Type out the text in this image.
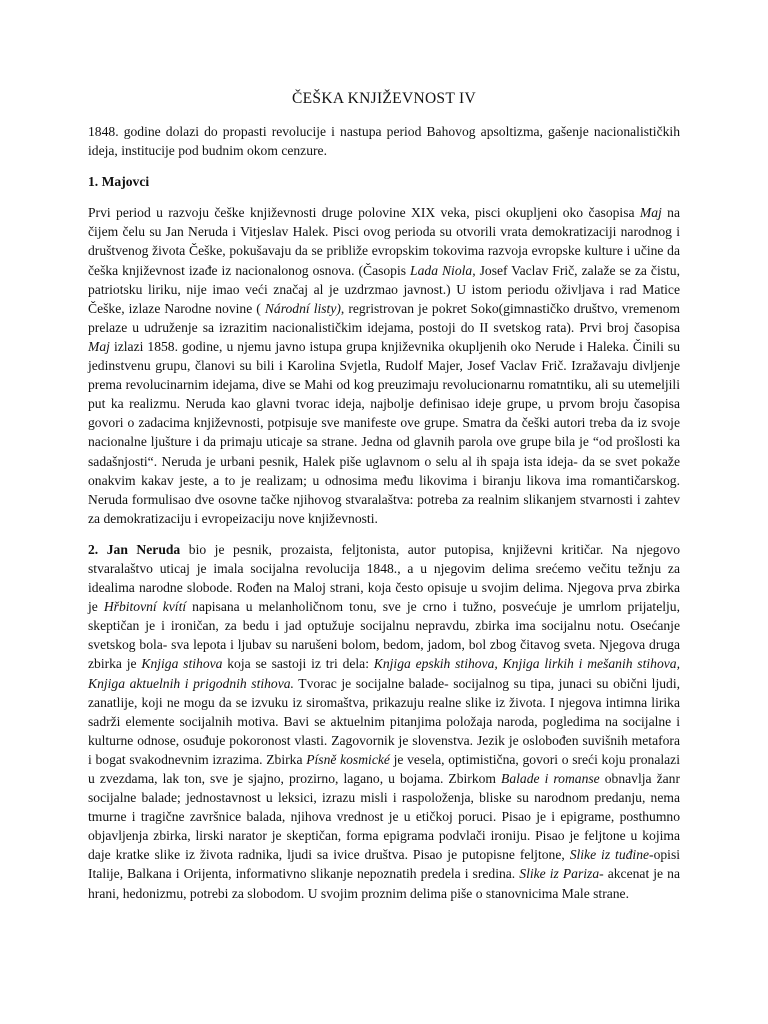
ČEŠKA KNJIŽEVNOST IV

1848. godine dolazi do propasti revolucije i nastupa period Bahovog apsoltizma, gašenje nacionalističkih ideja, institucije pod budnim okom cenzure.

1. Majovci

Prvi period u razvoju češke književnosti druge polovine XIX veka, pisci okupljeni oko časopisa Maj na čijem čelu su Jan Neruda i Vitjeslav Halek. Pisci ovog perioda su otvorili vrata demokratizaciji narodnog i društvenog života Češke, pokušavaju da se približe evropskim tokovima razvoja evropske kulture i učine da češka književnost izađe iz nacionalonog osnova. (Časopis Lada Niola, Josef Vaclav Frič, zalaže se za čistu, patriotsku liriku, nije imao veći značaj al je uzdrzmao javnost.) U istom periodu oživljava i rad Matice Češke, izlaze Narodne novine ( Národní listy), regristrovan je pokret Soko(gimnastičko društvo, vremenom prelaze u udruženje sa izrazitim nacionalističkim idejama, postoji do II svetskog rata). Prvi broj časopisa Maj izlazi 1858. godine, u njemu javno istupa grupa književnika okupljenih oko Nerude i Haleka. Činili su jedinstvenu grupu, članovi su bili i Karolina Svjetla, Rudolf Majer, Josef Vaclav Frič. Izražavaju divljenje prema revolucinarnim idejama, dive se Mahi od kog preuzimaju revolucionarnu romatntiku, ali su utemeljili put ka realizmu. Neruda kao glavni tvorac ideja, najbolje definisao ideje grupe, u prvom broju časopisa govori o zadacima književnosti, potpisuje sve manifeste ove grupe. Smatra da češki autori treba da iz svoje nacionalne ljušture i da primaju uticaje sa strane. Jedna od glavnih parola ove grupe bila je “od prošlosti ka sadašnjosti“. Neruda je urbani pesnik, Halek piše uglavnom o selu al ih spaja ista ideja- da se svet pokaže onakvim kakav jeste, a to je realizam; u odnosima među likovima i biranju likova ima romantičarskog. Neruda formulisao dve osovne tačke njihovog stvaralaštva: potreba za realnim slikanjem stvarnosti i zahtev za demokratizaciju i evropeizaciju nove književnosti.

2. Jan Neruda bio je pesnik, prozaista, feljtonista, autor putopisa, književni kritičar. Na njegovo stvaralaštvo uticaj je imala socijalna revolucija 1848., a u njegovim delima srećemo večitu težnju za idealima narodne slobode. Rođen na Maloj strani, koja često opisuje u svojim delima. Njegova prva zbirka je Hřbitovní kvítí napisana u melanholičnom tonu, sve je crno i tužno, posvećuje je umrlom prijatelju, skeptičan je i ironičan, za bedu i jad optužuje socijalnu nepravdu, zbirka ima socijalnu notu. Osećanje svetskog bola- sva lepota i ljubav su narušeni bolom, bedom, jadom, bol zbog čitavog sveta. Njegova druga zbirka je Knjiga stihova koja se sastoji iz tri dela: Knjiga epskih stihova, Knjiga lirkih i mešanih stihova, Knjiga aktuelnih i prigodnih stihova. Tvorac je socijalne balade- socijalnog su tipa, junaci su obični ljudi, zanatlije, koji ne mogu da se izvuku iz siromaštva, prikazuju realne slike iz života. I njegova intimna lirika sadrži elemente socijalnih motiva. Bavi se aktuelnim pitanjima položaja naroda, pogledima na socijalne i kulturne odnose, osuđuje pokoronost vlasti. Zagovornik je slovenstva. Jezik je oslobođen suvišnih metafora i bogat svakodnevnim izrazima. Zbirka Písně kosmické je vesela, optimistična, govori o sreći koju pronalazi u zvezdama, lak ton, sve je sjajno, prozirno, lagano, u bojama. Zbirkom Balade i romanse obnavlja žanr socijalne balade; jednostavnost u leksici, izrazu misli i raspoloženja, bliske su narodnom predanju, nema tmurne i tragične završnice balada, njihova vrednost je u etičkoj poruci. Pisao je i epigrame, posthumno objavljenja zbirka, lirski narator je skeptičan, forma epigrama podvlači ironiju. Pisao je feljtone u kojima daje kratke slike iz života radnika, ljudi sa ivice društva. Pisao je putopisne feljtone, Slike iz tuđine-opisi Italije, Balkana i Orijenta, informativno slikanje nepoznatih predela i sredina. Slike iz Pariza- akcenat je na hrani, hedonizmu, potrebi za slobodom. U svojim proznim delima piše o stanovnicima Male strane.
